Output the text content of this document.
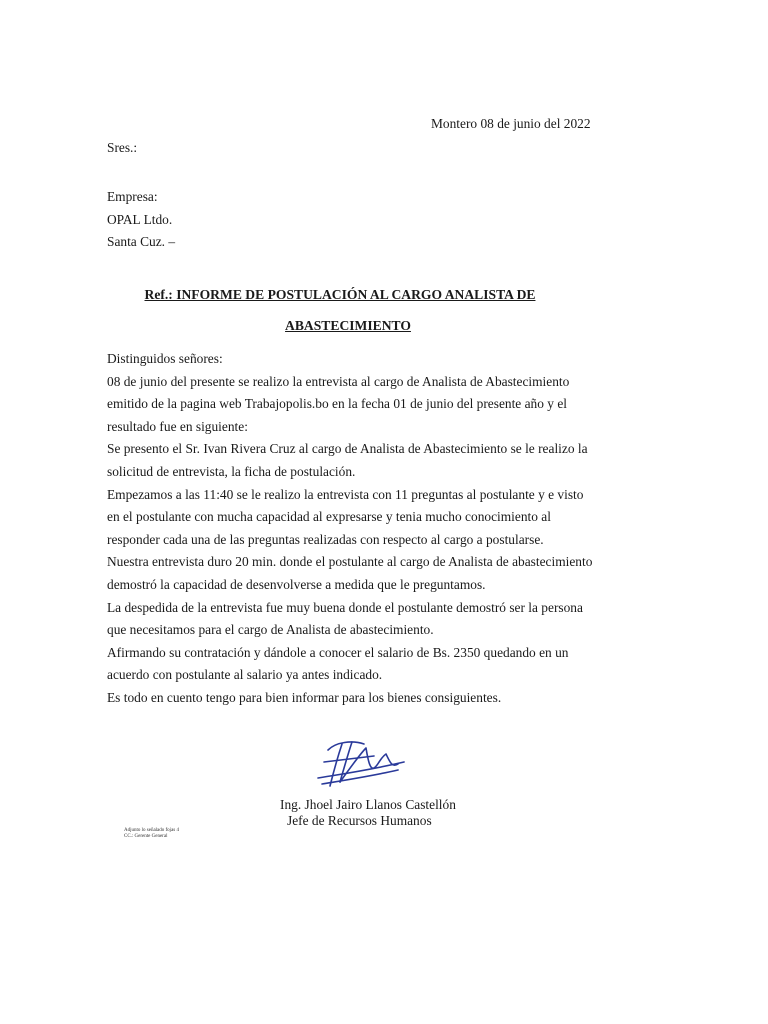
Montero 08 de junio del 2022
Sres.:
Empresa:
OPAL Ltdo.
Santa Cuz. –
Ref.: INFORME DE POSTULACIÓN AL CARGO ANALISTA DE
ABASTECIMIENTO
Distinguidos señores:
08 de junio del presente se realizo la entrevista al cargo de Analista de Abastecimiento
emitido de la pagina web Trabajopolis.bo en la fecha 01 de junio del presente año y el
resultado fue en siguiente:
Se presento el Sr. Ivan Rivera Cruz al cargo de Analista de Abastecimiento se le realizo la
solicitud de entrevista, la ficha de postulación.
Empezamos a las 11:40 se le realizo la entrevista con 11 preguntas al postulante y e visto
en el postulante con mucha capacidad al expresarse y tenia mucho conocimiento al
responder cada una de las preguntas realizadas con respecto al cargo a postularse.
Nuestra entrevista duro 20 min. donde el postulante al cargo de Analista de abastecimiento
demostró la capacidad de desenvolverse a medida que le preguntamos.
La despedida de la entrevista fue muy buena donde el postulante demostró ser la persona
que necesitamos para el cargo de Analista de abastecimiento.
Afirmando su contratación y dándole a conocer el salario de Bs. 2350 quedando en un
acuerdo con postulante al salario ya antes indicado.
Es todo en cuento tengo para bien informar para los bienes consiguientes.
Ing. Jhoel Jairo Llanos Castellón
Jefe de Recursos Humanos
Adjunto lo señalado fojas 4
CC.: Gerente General
